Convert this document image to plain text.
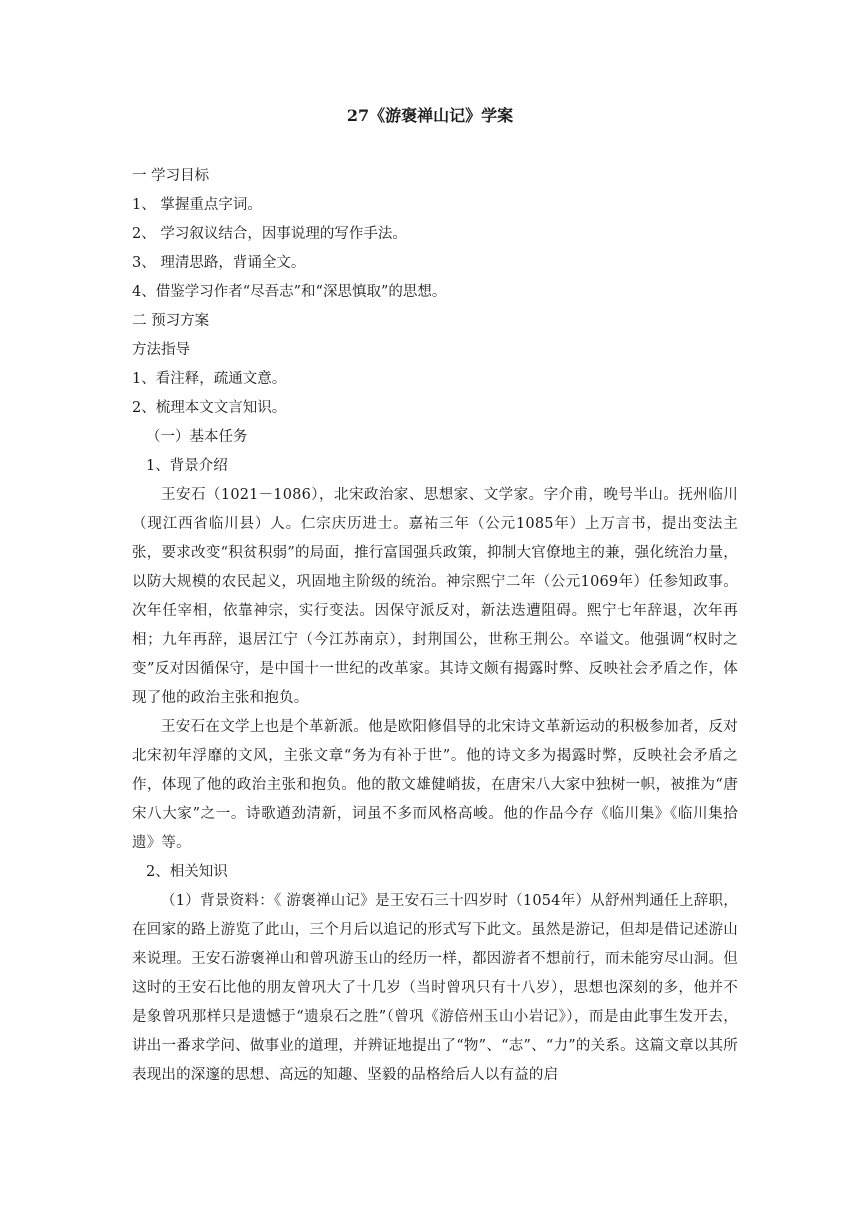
27《游褒禅山记》学案

一 学习目标

1、 掌握重点字词。

2、 学习叙议结合，因事说理的写作手法。

3、 理清思路，背诵全文。

4、借鉴学习作者“尽吾志”和“深思慎取”的思想。

二 预习方案

方法指导

1、看注释，疏通文意。

2、梳理本文文言知识。

（一）基本任务

1、背景介绍

王安石（1021－1086），北宋政治家、思想家、文学家。字介甫，晚号半山。抚州临川（现江西省临川县）人。仁宗庆历进士。嘉祐三年（公元1085年）上万言书，提出变法主张，要求改变“积贫积弱”的局面，推行富国强兵政策，抑制大官僚地主的兼，强化统治力量，以防大规模的农民起义，巩固地主阶级的统治。神宗熙宁二年（公元1069年）任参知政事。次年任宰相，依靠神宗，实行变法。因保守派反对，新法迭遭阻碍。熙宁七年辞退，次年再相；九年再辞，退居江宁（今江苏南京），封荆国公，世称王荆公。卒谥文。他强调“权时之变”反对因循保守，是中国十一世纪的改革家。其诗文颇有揭露时弊、反映社会矛盾之作，体现了他的政治主张和抱负。

王安石在文学上也是个革新派。他是欧阳修倡导的北宋诗文革新运动的积极参加者，反对北宋初年浮靡的文风，主张文章“务为有补于世”。他的诗文多为揭露时弊，反映社会矛盾之作，体现了他的政治主张和抱负。他的散文雄健峭拔，在唐宋八大家中独树一帜，被推为“唐宋八大家”之一。诗歌遒劲清新，词虽不多而风格高峻。他的作品今存《临川集》《临川集拾遗》等。

2、相关知识

（1）背景资料：《 游褒禅山记》是王安石三十四岁时（1054年）从舒州判通任上辞职，在回家的路上游览了此山，三个月后以追记的形式写下此文。虽然是游记，但却是借记述游山来说理。王安石游褒禅山和曾巩游玉山的经历一样，都因游者不想前行，而未能穷尽山洞。但这时的王安石比他的朋友曾巩大了十几岁（当时曾巩只有十八岁），思想也深刻的多，他并不是象曾巩那样只是遗憾于“遗泉石之胜”（曾巩《游倍州玉山小岩记》），而是由此事生发开去，讲出一番求学问、做事业的道理，并辨证地提出了“物”、“志”、“力”的关系。这篇文章以其所表现出的深邃的思想、高远的知趣、坚毅的品格给后人以有益的启
